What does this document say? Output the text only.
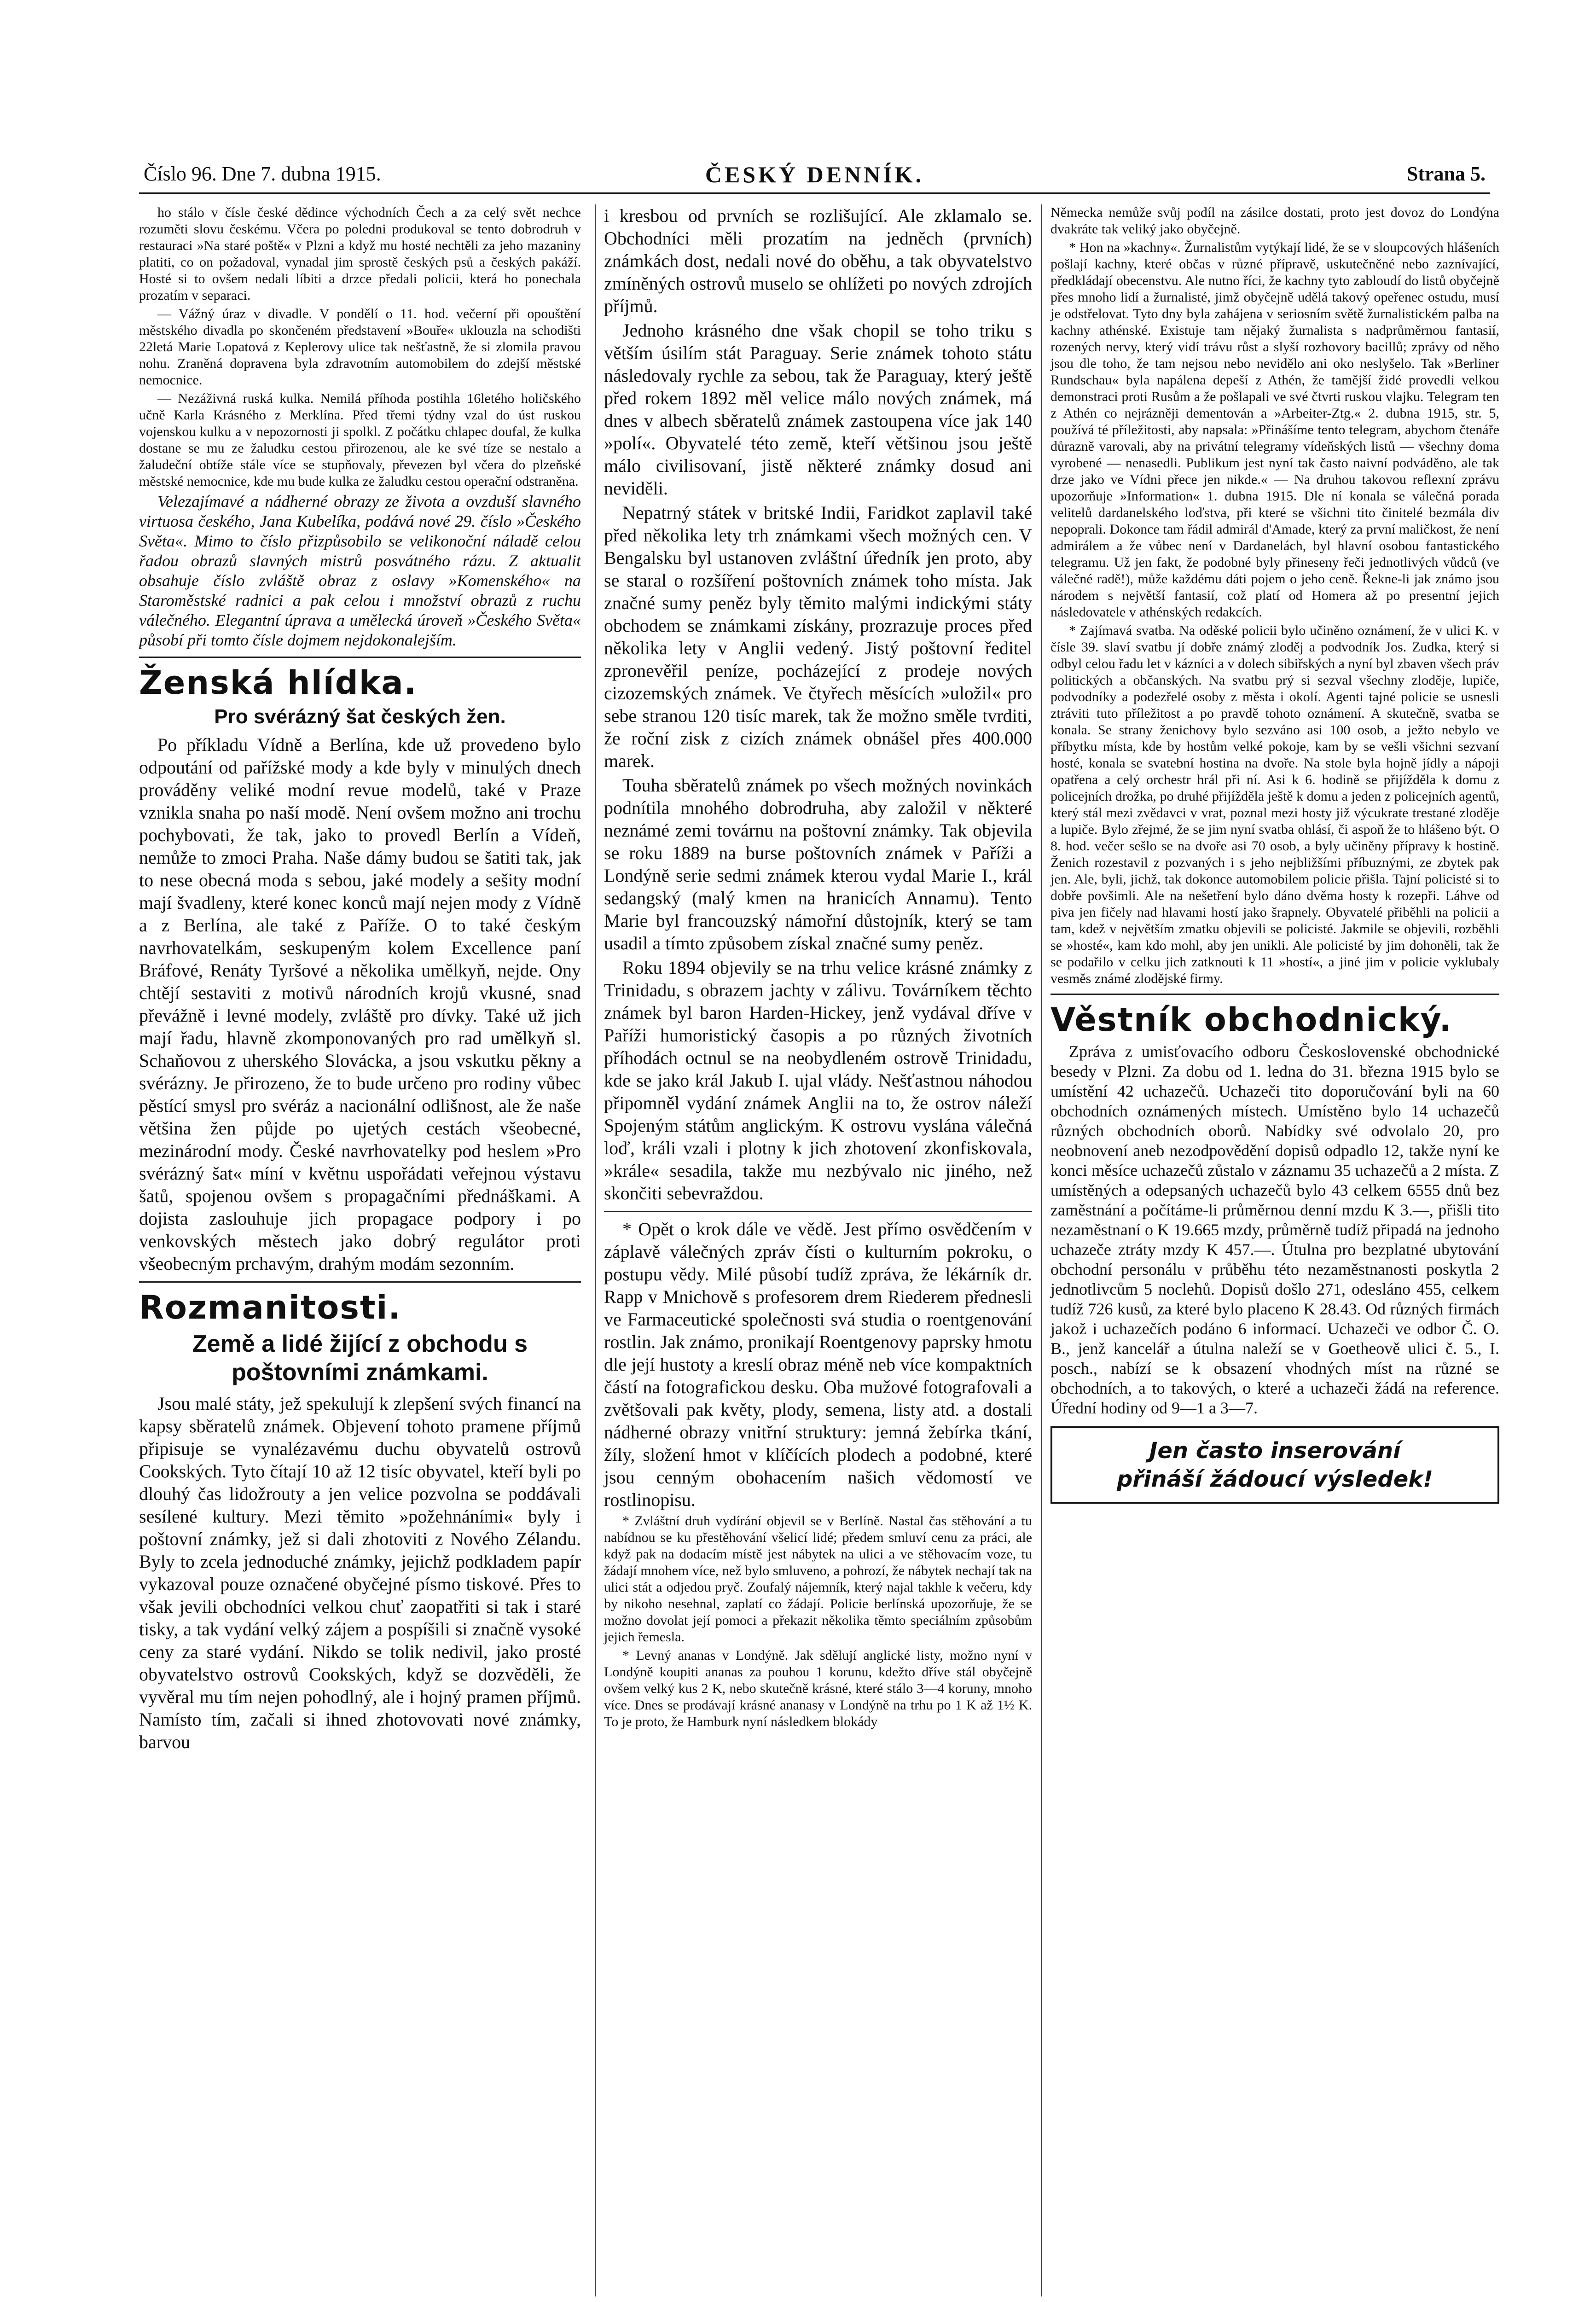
Číslo 96. Dne 7. dubna 1915.	ČESKÝ DENNÍK.	Strana 5.

ho stálo v čísle české dědince východních Čech a za celý svět nechce rozuměti slovu českému. Včera po poledni produkoval se tento dobrodruh v restauraci »Na staré poště« v Plzni a když mu hosté nechtěli za jeho mazaniny platiti, co on požadoval, vynadal jim sprostě českých psů a českých pakáží. Hosté si to ovšem nedali líbiti a drzce předali policii, která ho ponechala prozatím v separaci.

— Vážný úraz v divadle. V pondělí o 11. hod. večerní při opouštění městského divadla po skončeném představení »Bouře« uklouzla na schodišti 22letá Marie Lopatová z Keplerovy ulice tak nešťastně, že si zlomila pravou nohu. Zraněná dopravena byla zdravotním automobilem do zdejší městské nemocnice.

— Nezáživná ruská kulka. Nemilá příhoda postihla 16letého holičského učně Karla Krásného z Merklína. Před třemi týdny vzal do úst ruskou vojenskou kulku a v nepozornosti ji spolkl. Z počátku chlapec doufal, že kulka dostane se mu ze žaludku cestou přirozenou, ale ke své tíze se nestalo a žaludeční obtíže stále více se stupňovaly, převezen byl včera do plzeňské městské nemocnice, kde mu bude kulka ze žaludku cestou operační odstraněna.

Velezajímavé a nádherné obrazy ze života a ovzduší slavného virtuosa českého, Jana Kubelíka, podává nové 29. číslo »Českého Světa«. Mimo to číslo přizpůsobilo se velikonoční náladě celou řadou obrazů slavných mistrů posvátného rázu. Z aktualit obsahuje číslo zvláště obraz z oslavy »Komenského« na Staroměstské radnici a pak celou i množství obrazů z ruchu válečného. Elegantní úprava a umělecká úroveň »Českého Světa« působí při tomto čísle dojmem nejdokonalejším.

Ženská hlídka.
Pro svérázný šat českých žen.

Po příkladu Vídně a Berlína, kde už provedeno bylo odpoutání od pařížské mody a kde byly v minulých dnech prováděny veliké modní revue modelů, také v Praze vznikla snaha po naší modě. Není ovšem možno ani trochu pochybovati, že tak, jako to provedl Berlín a Vídeň, nemůže to zmoci Praha. Naše dámy budou se šatiti tak, jak to nese obecná moda s sebou, jaké modely a sešity modní mají švadleny, které konec konců mají nejen mody z Vídně a z Berlína, ale také z Paříže. O to také českým navrhovatelkám, seskupeným kolem Excellence paní Bráfové, Renáty Tyršové a několika umělkyň, nejde. Ony chtějí sestaviti z motivů národních krojů vkusné, snad převážně i levné modely, zvláště pro dívky. Také už jich mají řadu, hlavně zkomponovaných pro rad umělkyň sl. Schaňovou z uherského Slovácka, a jsou vskutku pěkny a svérázny. Je přirozeno, že to bude určeno pro rodiny vůbec pěstící smysl pro svéráz a nacionální odlišnost, ale že naše většina žen půjde po ujetých cestách všeobecné, mezinárodní mody. České navrhovatelky pod heslem »Pro svérázný šat« míní v květnu uspořádati veřejnou výstavu šatů, spojenou ovšem s propagačními přednáškami. A dojista zaslouhuje jich propagace podpory i po venkovských městech jako dobrý regulátor proti všeobecným prchavým, drahým modám sezonním.

Rozmanitosti.
Země a lidé žijící z obchodu s poštovními známkami.

Jsou malé státy, jež spekulují k zlepšení svých financí na kapsy sběratelů známek. Objevení tohoto pramene příjmů připisuje se vynalézavému duchu obyvatelů ostrovů Cookských. Tyto čítají 10 až 12 tisíc obyvatel, kteří byli po dlouhý čas lidožrouty a jen velice pozvolna se poddávali sesílené kultury. Mezi těmito »požehnáními« byly i poštovní známky, jež si dali zhotoviti z Nového Zélandu. Byly to zcela jednoduché známky, jejichž podkladem papír vykazoval pouze označené obyčejné písmo tiskové. Přes to však jevili obchodníci velkou chuť zaopatřiti si tak i staré tisky, a tak vydání velký zájem a pospíšili si značně vysoké ceny za staré vydání. Nikdo se tolik nedivil, jako prosté obyvatelstvo ostrovů Cookských, když se dozvěděli, že vyvěral mu tím nejen pohodlný, ale i hojný pramen příjmů. Namísto tím, začali si ihned zhotovovati nové známky, barvou

i kresbou od prvních se rozlišující. Ale zklamalo se. Obchodníci měli prozatím na jedněch (prvních) známkách dost, nedali nové do oběhu, a tak obyvatelstvo zmíněných ostrovů muselo se ohlížeti po nových zdrojích příjmů.

Jednoho krásného dne však chopil se toho triku s větším úsilím stát Paraguay. Serie známek tohoto státu následovaly rychle za sebou, tak že Paraguay, který ještě před rokem 1892 měl velice málo nových známek, má dnes v albech sběratelů známek zastoupena více jak 140 »polí«. Obyvatelé této země, kteří většinou jsou ještě málo civilisovaní, jistě některé známky dosud ani neviděli.

Nepatrný státek v britské Indii, Faridkot zaplavil také před několika lety trh známkami všech možných cen. V Bengalsku byl ustanoven zvláštní úředník jen proto, aby se staral o rozšíření poštovních známek toho místa. Jak značné sumy peněz byly těmito malými indickými státy obchodem se známkami získány, prozrazuje proces před několika lety v Anglii vedený. Jistý poštovní ředitel zpronevěřil peníze, pocházející z prodeje nových cizozemských známek. Ve čtyřech měsících »uložil« pro sebe stranou 120 tisíc marek, tak že možno směle tvrditi, že roční zisk z cizích známek obnášel přes 400.000 marek.

Touha sběratelů známek po všech možných novinkách podnítila mnohého dobrodruha, aby založil v některé neznámé zemi továrnu na poštovní známky. Tak objevila se roku 1889 na burse poštovních známek v Paříži a Londýně serie sedmi známek kterou vydal Marie I., král sedangský (malý kmen na hranicích Annamu). Tento Marie byl francouzský námořní důstojník, který se tam usadil a tímto způsobem získal značné sumy peněz.

Roku 1894 objevily se na trhu velice krásné známky z Trinidadu, s obrazem jachty v zálivu. Továrníkem těchto známek byl baron Harden-Hickey, jenž vydával dříve v Paříži humoristický časopis a po různých životních příhodách octnul se na neobydleném ostrově Trinidadu, kde se jako král Jakub I. ujal vlády. Nešťastnou náhodou připomněl vydání známek Anglii na to, že ostrov náleží Spojeným státům anglickým. K ostrovu vyslána válečná loď, králi vzali i plotny k jich zhotovení zkonfiskovala, »krále« sesadila, takže mu nezbývalo nic jiného, než skončiti sebevraždou.

* Opět o krok dále ve vědě. Jest přímo osvědčením v záplavě válečných zpráv čísti o kulturním pokroku, o postupu vědy. Milé působí tudíž zpráva, že lékárník dr. Rapp v Mnichově s profesorem drem Riederem přednesli ve Farmaceutické společnosti svá studia o roentgenování rostlin. Jak známo, pronikají Roentgenovy paprsky hmotu dle její hustoty a kreslí obraz méně neb více kompaktních částí na fotografickou desku. Oba mužové fotografovali a zvětšovali pak květy, plody, semena, listy atd. a dostali nádherné obrazy vnitřní struktury: jemná žebírka tkání, žíly, složení hmot v klíčících plodech a podobné, které jsou cenným obohacením našich vědomostí ve rostlinopisu.

* Zvláštní druh vydírání objevil se v Berlíně. Nastal čas stěhování a tu nabídnou se ku přestěhování všelicí lidé; předem smluví cenu za práci, ale když pak na dodacím místě jest nábytek na ulici a ve stěhovacím voze, tu žádají mnohem více, než bylo smluveno, a pohrozí, že nábytek nechají tak na ulici stát a odjedou pryč. Zoufalý nájemník, který najal takhle k večeru, kdy by nikoho nesehnal, zaplatí co žádají. Policie berlínská upozorňuje, že se možno dovolat její pomoci a překazit několika těmto speciálním způsobům jejich řemesla.

* Levný ananas v Londýně. Jak sdělují anglické listy, možno nyní v Londýně koupiti ananas za pouhou 1 korunu, kdežto dříve stál obyčejně ovšem velký kus 2 K, nebo skutečně krásné, které stálo 3—4 koruny, mnoho více. Dnes se prodávají krásné ananasy v Londýně na trhu po 1 K až 1½ K. To je proto, že Hamburk nyní následkem blokády

Německa nemůže svůj podíl na zásilce dostati, proto jest dovoz do Londýna dvakráte tak veliký jako obyčejně.

* Hon na »kachny«. Žurnalistům vytýkají lidé, že se v sloupcových hlášeních pošlají kachny, které občas v různé přípravě, uskutečněné nebo zaznívající, předkládají obecenstvu. Ale nutno říci, že kachny tyto zabloudí do listů obyčejně přes mnoho lidí a žurnalisté, jimž obyčejně udělá takový opeřenec ostudu, musí je odstřelovat. Tyto dny byla zahájena v seriosním světě žurnalistickém palba na kachny athénské. Existuje tam nějaký žurnalista s nadprůměrnou fantasií, rozených nervy, který vidí trávu růst a slyší rozhovory bacillů; zprávy od něho jsou dle toho, že tam nejsou nebo nevidělo ani oko neslyšelo. Tak »Berliner Rundschau« byla napálena depeší z Athén, že tamější židé provedli velkou demonstraci proti Rusům a že pošlapali ve své čtvrti ruskou vlajku. Telegram ten z Athén co nejrázněji dementován a »Arbeiter-Ztg.« 2. dubna 1915, str. 5, používá té příležitosti, aby napsala: »Přinášíme tento telegram, abychom čtenáře důrazně varovali, aby na privátní telegramy vídeňských listů — všechny doma vyrobené — nenasedli. Publikum jest nyní tak často naivní podváděno, ale tak drze jako ve Vídni přece jen nikde.« — Na druhou takovou reflexní zprávu upozorňuje »Information« 1. dubna 1915. Dle ní konala se válečná porada velitelů dardanelského loďstva, při které se všichni tito činitelé bezmála div nepoprali. Dokonce tam řádil admirál d'Amade, který za první maličkost, že není admirálem a že vůbec není v Dardanelách, byl hlavní osobou fantastického telegramu. Už jen fakt, že podobné byly přineseny řeči jednotlivých vůdců (ve válečné radě!), může každému dáti pojem o jeho ceně. Řekne-li jak známo jsou národem s největší fantasií, což platí od Homera až po presentní jejich následovatele v athénských redakcích.

* Zajímavá svatba. Na oděské policii bylo učiněno oznámení, že v ulici K. v čísle 39. slaví svatbu jí dobře známý zloděj a podvodník Jos. Zudka, který si odbyl celou řadu let v kázníci a v dolech sibiřských a nyní byl zbaven všech práv politických a občanských. Na svatbu prý si sezval všechny zloděje, lupiče, podvodníky a podezřelé osoby z města i okolí. Agenti tajné policie se usnesli ztráviti tuto příležitost a po pravdě tohoto oznámení. A skutečně, svatba se konala. Se strany ženichovy bylo sezváno asi 100 osob, a ježto nebylo ve příbytku místa, kde by hostům velké pokoje, kam by se vešli všichni sezvaní hosté, konala se svatební hostina na dvoře. Na stole byla hojně jídly a nápoji opatřena a celý orchestr hrál při ní. Asi k 6. hodině se přijížděla k domu z policejních drožka, po druhé přijížděla ještě k domu a jeden z policejních agentů, který stál mezi zvědavci v vrat, poznal mezi hosty již výcukrate trestané zloděje a lupiče. Bylo zřejmé, že se jim nyní svatba ohlásí, či aspoň že to hlášeno být. O 8. hod. večer sešlo se na dvoře asi 70 osob, a byly učiněny přípravy k hostině. Ženich rozestavil z pozvaných i s jeho nejbližšími příbuznými, ze zbytek pak jen. Ale, byli, jichž, tak dokonce automobilem policie přišla. Tajní policisté si to dobře povšimli. Ale na nešetření bylo dáno dvěma hosty k rozepři. Láhve od piva jen fičely nad hlavami hostí jako šrapnely. Obyvatelé přiběhli na policii a tam, kdež v největším zmatku objevili se policisté. Jakmile se objevili, rozběhli se »hosté«, kam kdo mohl, aby jen unikli. Ale policisté by jim dohoněli, tak že se podařilo v celku jich zatknouti k 11 »hostí«, a jiné jim v policie vyklubaly vesměs známé zlodějské firmy.

Věstník obchodnický.

Zpráva z umisťovacího odboru Československé obchodnické besedy v Plzni. Za dobu od 1. ledna do 31. března 1915 bylo se umístění 42 uchazečů. Uchazeči tito doporučování byli na 60 obchodních oznámených místech. Umístěno bylo 14 uchazečů různých obchodních oborů. Nabídky své odvolalo 20, pro neobnovení aneb nezodpovědění dopisů odpadlo 12, takže nyní ke konci měsíce uchazečů zůstalo v záznamu 35 uchazečů a 2 místa. Z umístěných a odepsaných uchazečů bylo 43 celkem 6555 dnů bez zaměstnání a počítáme-li průměrnou denní mzdu K 3.—, přišli tito nezaměstnaní o K 19.665 mzdy, průměrně tudíž připadá na jednoho uchazeče ztráty mzdy K 457.—. Útulna pro bezplatné ubytování obchodní personálu v průběhu této nezaměstnanosti poskytla 2 jednotlivcům 5 noclehů. Dopisů došlo 271, odesláno 455, celkem tudíž 726 kusů, za které bylo placeno K 28.43. Od různých firmách jakož i uchazečích podáno 6 informací. Uchazeči ve odbor Č. O. B., jenž kancelář a útulna naleží se v Goetheově ulici č. 5., I. posch., nabízí se k obsazení vhodných míst na různé se obchodních, a to takových, o které a uchazeči žádá na reference. Úřední hodiny od 9—1 a 3—7.

Jen často inserování
přináší žádoucí výsledek!
